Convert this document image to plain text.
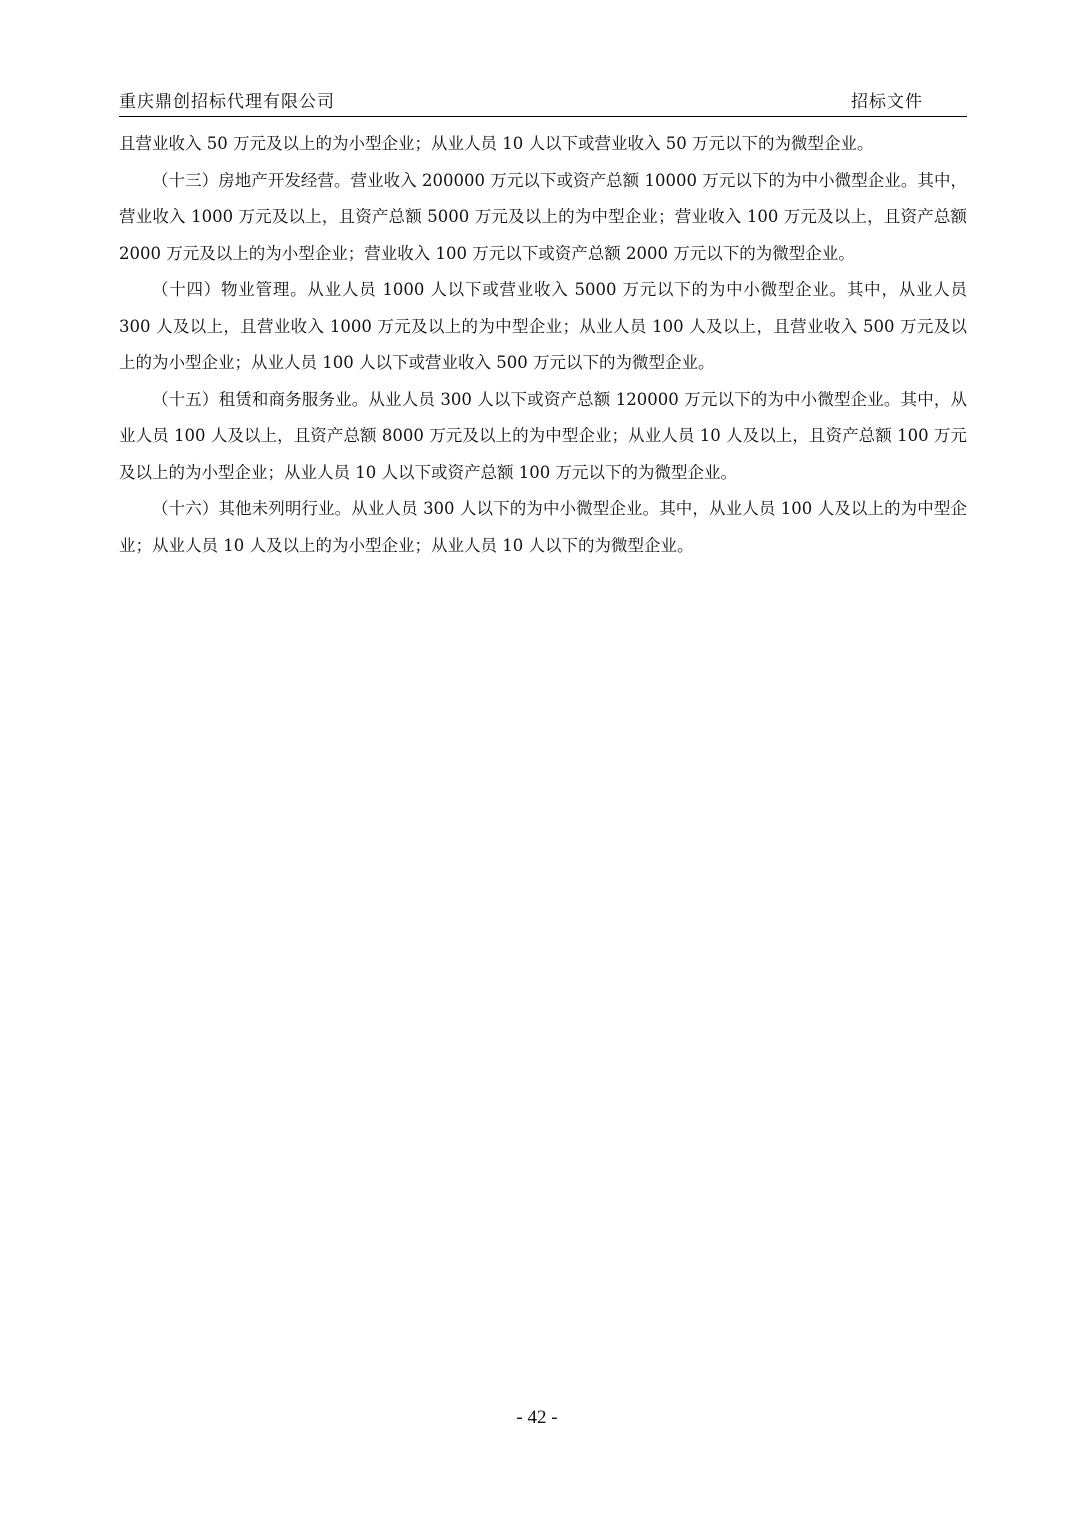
重庆鼎创招标代理有限公司	招标文件

且营业收入 50 万元及以上的为小型企业；从业人员 10 人以下或营业收入 50 万元以下的为微型企业。

（十三）房地产开发经营。营业收入 200000 万元以下或资产总额 10000 万元以下的为中小微型企业。其中，营业收入 1000 万元及以上，且资产总额 5000 万元及以上的为中型企业；营业收入 100 万元及以上，且资产总额 2000 万元及以上的为小型企业；营业收入 100 万元以下或资产总额 2000 万元以下的为微型企业。

（十四）物业管理。从业人员 1000 人以下或营业收入 5000 万元以下的为中小微型企业。其中，从业人员 300 人及以上，且营业收入 1000 万元及以上的为中型企业；从业人员 100 人及以上，且营业收入 500 万元及以上的为小型企业；从业人员 100 人以下或营业收入 500 万元以下的为微型企业。

（十五）租赁和商务服务业。从业人员 300 人以下或资产总额 120000 万元以下的为中小微型企业。其中，从业人员 100 人及以上，且资产总额 8000 万元及以上的为中型企业；从业人员 10 人及以上，且资产总额 100 万元及以上的为小型企业；从业人员 10 人以下或资产总额 100 万元以下的为微型企业。

（十六）其他未列明行业。从业人员 300 人以下的为中小微型企业。其中，从业人员 100 人及以上的为中型企业；从业人员 10 人及以上的为小型企业；从业人员 10 人以下的为微型企业。

- 42 -
